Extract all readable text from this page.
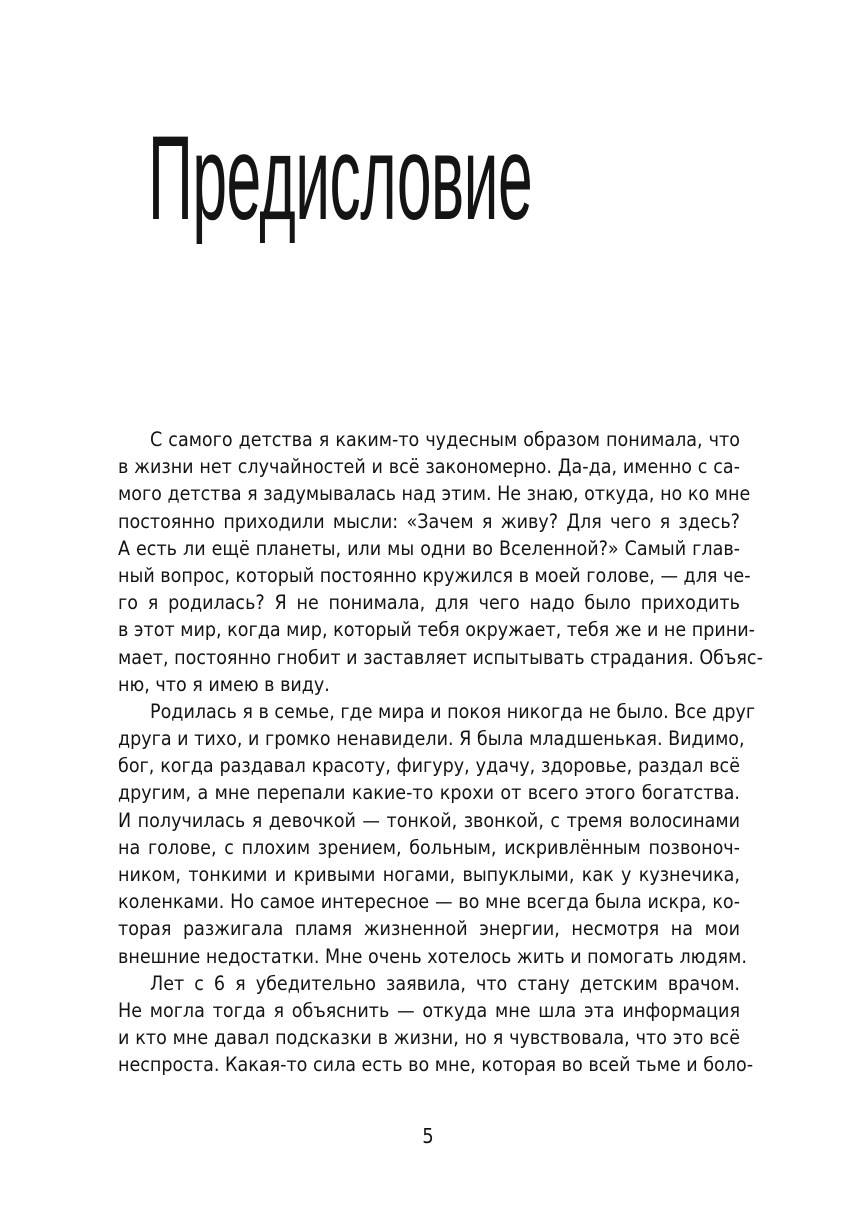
Предисловие
С самого детства я каким-то чудесным образом понимала, что
в жизни нет случайностей и всё закономерно. Да-да, именно с са-
мого детства я задумывалась над этим. Не знаю, откуда, но ко мне
постоянно приходили мысли: «Зачем я живу? Для чего я здесь?
А есть ли ещё планеты, или мы одни во Вселенной?» Самый глав-
ный вопрос, который постоянно кружился в моей голове, — для че-
го я родилась? Я не понимала, для чего надо было приходить
в этот мир, когда мир, который тебя окружает, тебя же и не прини-
мает, постоянно гнобит и заставляет испытывать страдания. Объяс-
ню, что я имею в виду.
Родилась я в семье, где мира и покоя никогда не было. Все друг
друга и тихо, и громко ненавидели. Я была младшенькая. Видимо,
бог, когда раздавал красоту, фигуру, удачу, здоровье, раздал всё
другим, а мне перепали какие-то крохи от всего этого богатства.
И получилась я девочкой — тонкой, звонкой, с тремя волосинами
на голове, с плохим зрением, больным, искривлённым позвоноч-
ником, тонкими и кривыми ногами, выпуклыми, как у кузнечика,
коленками. Но самое интересное — во мне всегда была искра, ко-
торая разжигала пламя жизненной энергии, несмотря на мои
внешние недостатки. Мне очень хотелось жить и помогать людям.
Лет с 6 я убедительно заявила, что стану детским врачом.
Не могла тогда я объяснить — откуда мне шла эта информация
и кто мне давал подсказки в жизни, но я чувствовала, что это всё
неспроста. Какая-то сила есть во мне, которая во всей тьме и боло-
5
